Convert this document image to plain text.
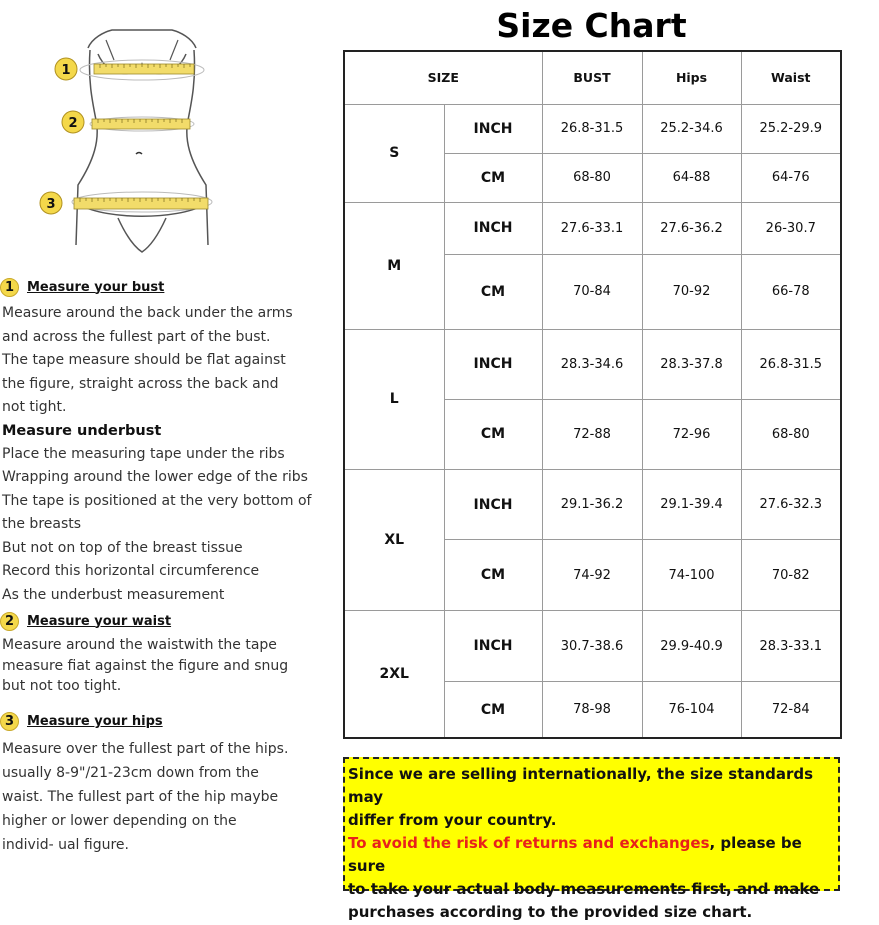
1
2
3
1 Measure your bust
Measure around the back under the arms
and across the fullest part of the bust.
The tape measure should be flat against
the figure, straight across the back and
not tight.
Measure underbust
Place the measuring tape under the ribs
Wrapping around the lower edge of the ribs
The tape is positioned at the very bottom of
the breasts
But not on top of the breast tissue
Record this horizontal circumference
As the underbust measurement
2 Measure your waist
Measure around the waistwith the tape
measure fiat against the figure and snug
but not too tight.
3 Measure your hips
Measure over the fullest part of the hips.
usually 8-9"/21-23cm down from the
waist. The fullest part of the hip maybe
higher or lower depending on the
individ- ual figure.
Size Chart
SIZE		BUST	Hips	Waist
S	INCH	26.8-31.5	25.2-34.6	25.2-29.9
	CM	68-80	64-88	64-76
M	INCH	27.6-33.1	27.6-36.2	26-30.7
	CM	70-84	70-92	66-78
L	INCH	28.3-34.6	28.3-37.8	26.8-31.5
	CM	72-88	72-96	68-80
XL	INCH	29.1-36.2	29.1-39.4	27.6-32.3
	CM	74-92	74-100	70-82
2XL	INCH	30.7-38.6	29.9-40.9	28.3-33.1
	CM	78-98	76-104	72-84
Since we are selling internationally, the size standards may
differ from your country.
To avoid the risk of returns and exchanges, please be sure
to take your actual body measurements first, and make
purchases according to the provided size chart.
